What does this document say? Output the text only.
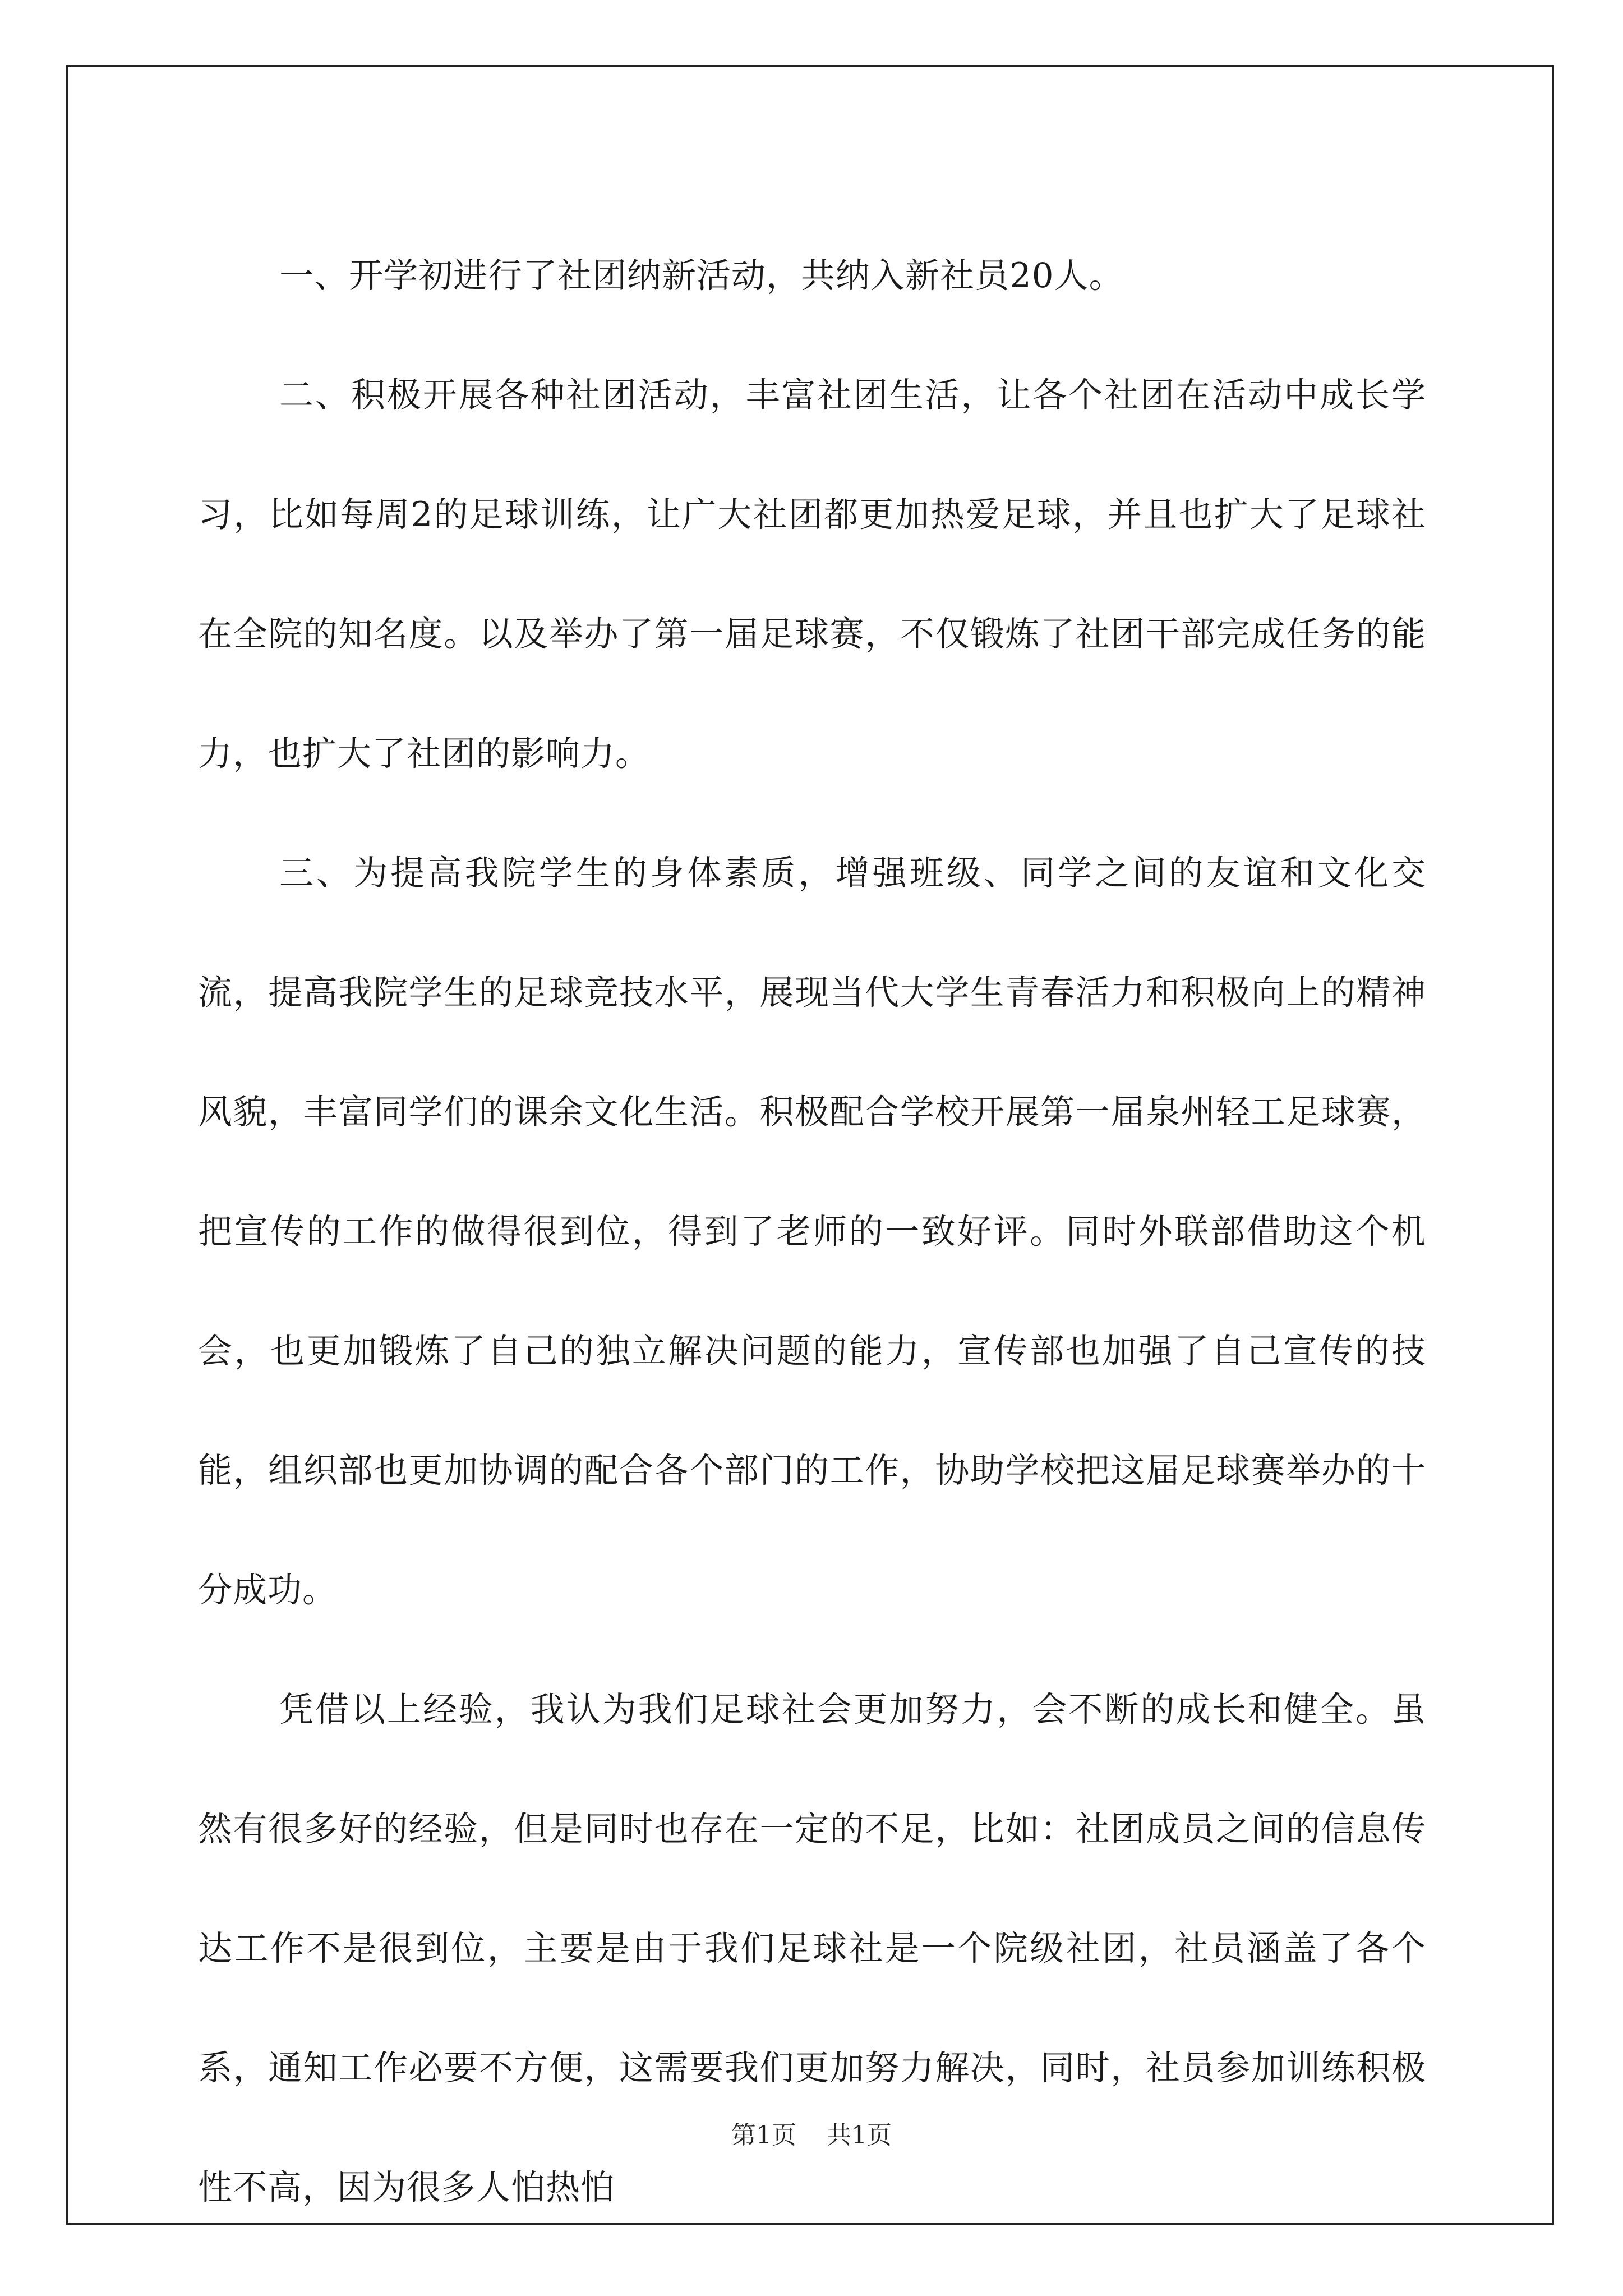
一、开学初进行了社团纳新活动，共纳入新社员20人。

二、积极开展各种社团活动，丰富社团生活，让各个社团在活动中成长学习，比如每周2的足球训练，让广大社团都更加热爱足球，并且也扩大了足球社在全院的知名度。以及举办了第一届足球赛，不仅锻炼了社团干部完成任务的能力，也扩大了社团的影响力。

三、为提高我院学生的身体素质，增强班级、同学之间的友谊和文化交流，提高我院学生的足球竞技水平，展现当代大学生青春活力和积极向上的精神风貌，丰富同学们的课余文化生活。积极配合学校开展第一届泉州轻工足球赛，把宣传的工作的做得很到位，得到了老师的一致好评。同时外联部借助这个机会，也更加锻炼了自己的独立解决问题的能力，宣传部也加强了自己宣传的技能，组织部也更加协调的配合各个部门的工作，协助学校把这届足球赛举办的十分成功。

凭借以上经验，我认为我们足球社会更加努力，会不断的成长和健全。虽然有很多好的经验，但是同时也存在一定的不足，比如：社团成员之间的信息传达工作不是很到位，主要是由于我们足球社是一个院级社团，社员涵盖了各个系，通知工作必要不方便，这需要我们更加努力解决，同时，社员参加训练积极性不高，因为很多人怕热怕

第1页 共1页
